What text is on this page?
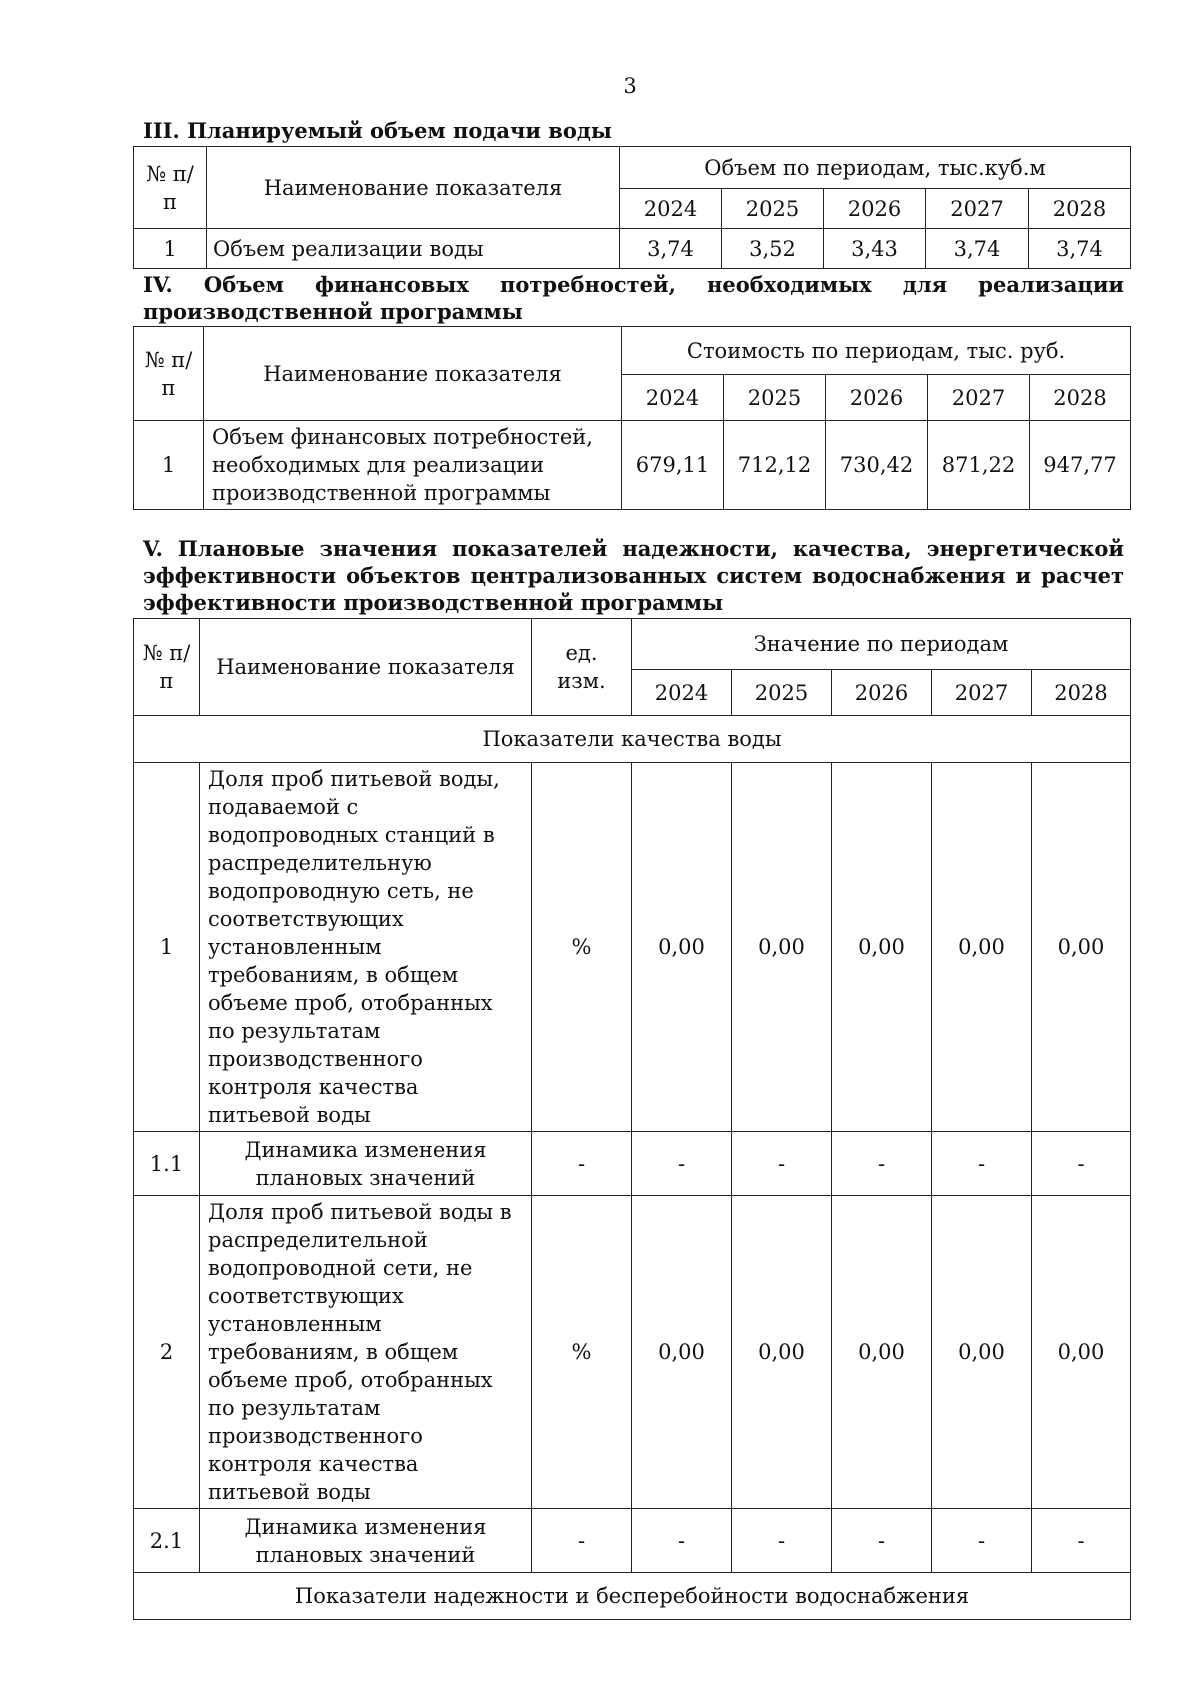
3
III. Планируемый объем подачи воды
№ п/п	Наименование показателя	Объем по периодам, тыс.куб.м				
		2024	2025	2026	2027	2028
1	Объем реализации воды	3,74	3,52	3,43	3,74	3,74
IV. Объем финансовых потребностей, необходимых для реализации производственной программы
№ п/п	Наименование показателя	Стоимость по периодам, тыс. руб.				
		2024	2025	2026	2027	2028
1	Объем финансовых потребностей, необходимых для реализации производственной программы	679,11	712,12	730,42	871,22	947,77
V. Плановые значения показателей надежности, качества, энергетической эффективности объектов централизованных систем водоснабжения и расчет эффективности производственной программы
№ п/п	Наименование показателя	ед. изм.	Значение по периодам				
			2024	2025	2026	2027	2028
Показатели качества воды							
1	Доля проб питьевой воды, подаваемой с водопроводных станций в распределительную водопроводную сеть, не соответствующих установленным требованиям, в общем объеме проб, отобранных по результатам производственного контроля качества питьевой воды	%	0,00	0,00	0,00	0,00	0,00
1.1	Динамика изменения плановых значений	-	-	-	-	-	-
2	Доля проб питьевой воды в распределительной водопроводной сети, не соответствующих установленным требованиям, в общем объеме проб, отобранных по результатам производственного контроля качества питьевой воды	%	0,00	0,00	0,00	0,00	0,00
2.1	Динамика изменения плановых значений	-	-	-	-	-	-
Показатели надежности и бесперебойности водоснабжения							
